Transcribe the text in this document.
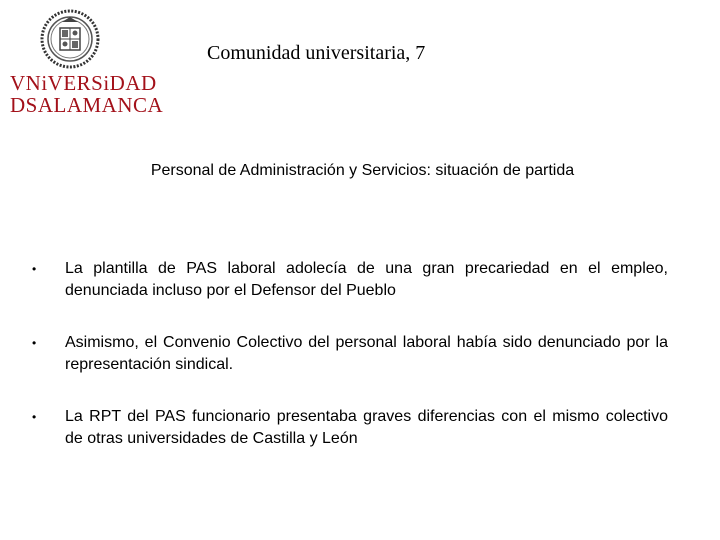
VNiVERSiDAD
DSALAMANCA
Comunidad universitaria, 7
Personal de Administración y Servicios: situación de partida
• La plantilla de PAS laboral adolecía de una gran precariedad en el empleo, denunciada incluso por el Defensor del Pueblo
• Asimismo, el Convenio Colectivo del personal laboral había sido denunciado por la representación sindical.
• La RPT del PAS funcionario presentaba graves diferencias con el mismo colectivo de otras universidades de Castilla y León
